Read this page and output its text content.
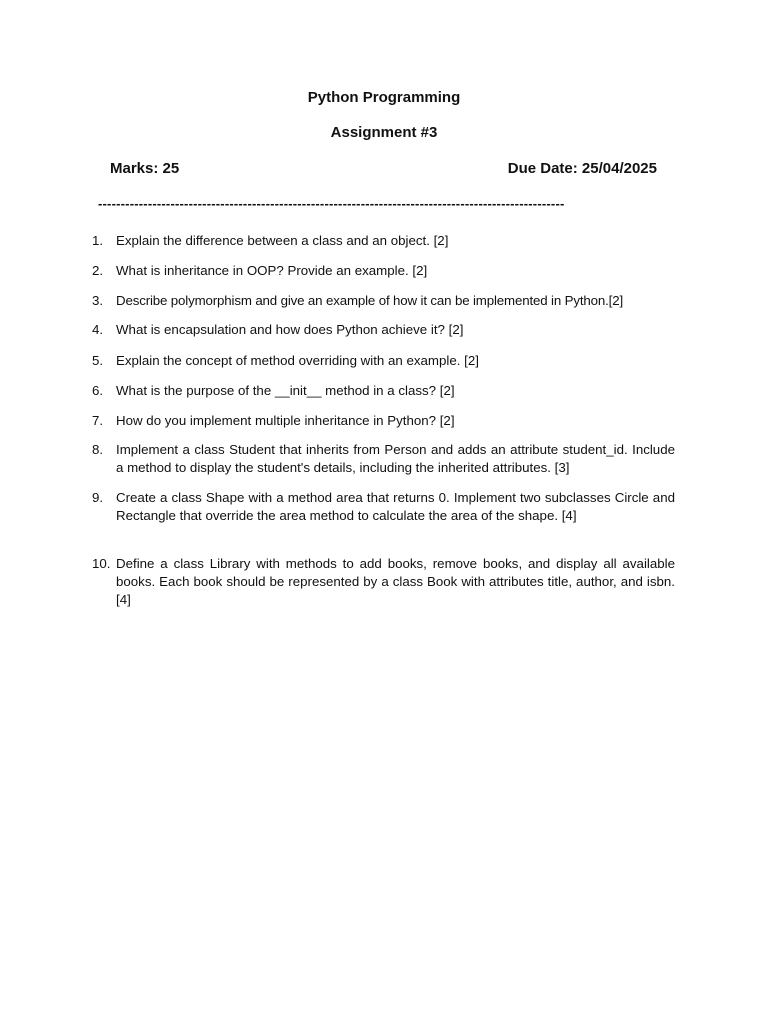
Python Programming
Assignment #3
Marks: 25	Due Date: 25/04/2025
-------------------------------------------------------------------------------------------------------
1. Explain the difference between a class and an object. [2]
2. What is inheritance in OOP? Provide an example. [2]
3. Describe polymorphism and give an example of how it can be implemented in Python.[2]
4. What is encapsulation and how does Python achieve it? [2]
5. Explain the concept of method overriding with an example. [2]
6. What is the purpose of the __init__ method in a class? [2]
7. How do you implement multiple inheritance in Python? [2]
8. Implement a class Student that inherits from Person and adds an attribute student_id. Include a method to display the student's details, including the inherited attributes. [3]
9. Create a class Shape with a method area that returns 0. Implement two subclasses Circle and Rectangle that override the area method to calculate the area of the shape. [4]
10. Define a class Library with methods to add books, remove books, and display all available books. Each book should be represented by a class Book with attributes title, author, and isbn. [4]
